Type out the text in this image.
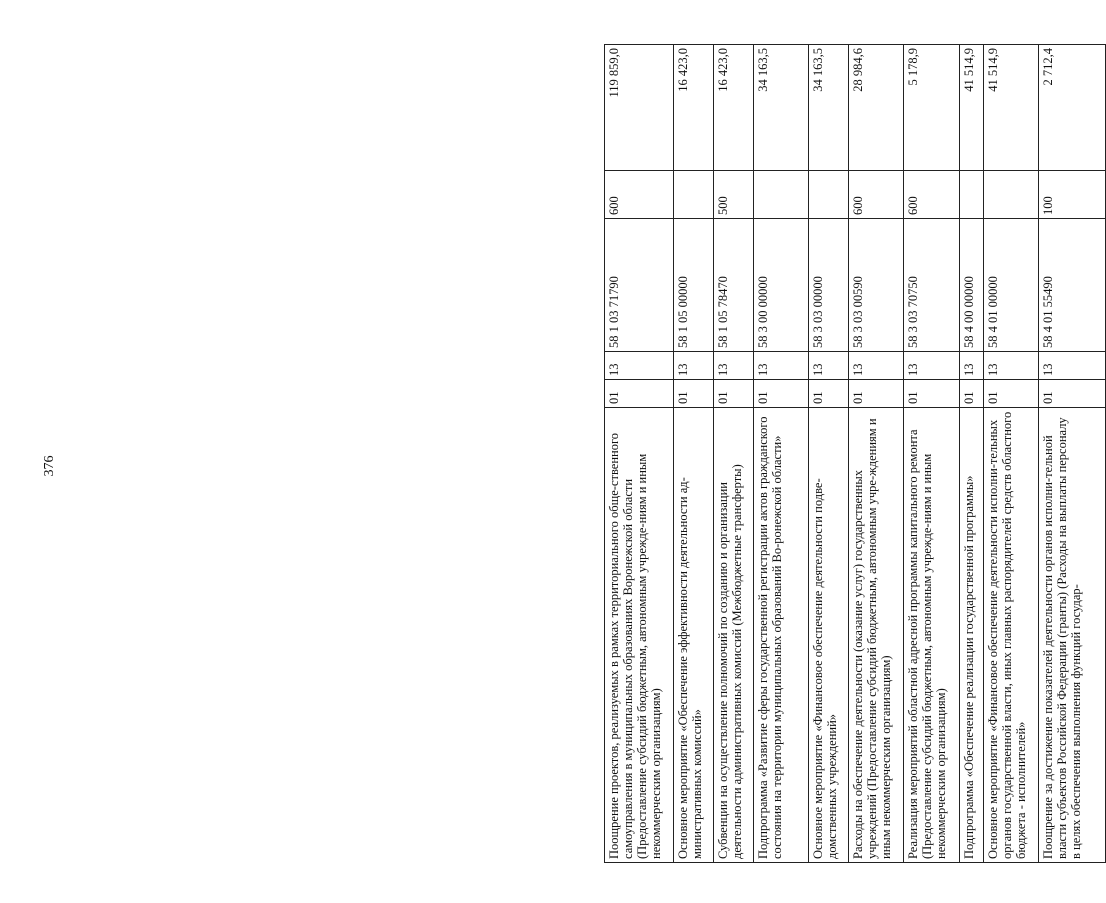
376	Поощрение проектов, реализуемых в рамках территориального обще-ственного самоуправления в муниципальных образованиях Воронежской области (Предоставление субсидий бюджетным, автономным учрежде-ниям и иным некоммерческим организациям)	01	13	58 1 03 71790	600	119 859,0
Основное мероприятие «Обеспечение эффективности деятельности ад-министративных комиссий»	01	13	58 1 05 00000		16 423,0
Субвенции на осуществление полномочий по созданию и организации деятельности административных комиссий (Межбюджетные трансферты)	01	13	58 1 05 78470	500	16 423,0
Подпрограмма «Развитие сферы государственной регистрации актов гражданского состояния на территории муниципальных образований Во-ронежской области»	01	13	58 3 00 00000		34 163,5
Основное мероприятие «Финансовое обеспечение деятельности подве-домственных учреждений»	01	13	58 3 03 00000		34 163,5
Расходы на обеспечение деятельности (оказание услуг) государственных учреждений (Предоставление субсидий бюджетным, автономным учре-ждениям и иным некоммерческим организациям)	01	13	58 3 03 00590	600	28 984,6
Реализация мероприятий областной адресной программы капитального ремонта (Предоставление субсидий бюджетным, автономным учрежде-ниям и иным некоммерческим организациям)	01	13	58 3 03 70750	600	5 178,9
Подпрограмма «Обеспечение реализации государственной программы»	01	13	58 4 00 00000		41 514,9
Основное мероприятие «Финансовое обеспечение деятельности исполни-тельных органов государственной власти, иных главных распорядителей средств областного бюджета - исполнителей»	01	13	58 4 01 00000		41 514,9
Поощрение за достижение показателей деятельности органов исполни-тельной власти субъектов Российской Федерации (гранты) (Расходы на выплаты персоналу в целях обеспечения выполнения функций государ-	01	13	58 4 01 55490	100	2 712,4
